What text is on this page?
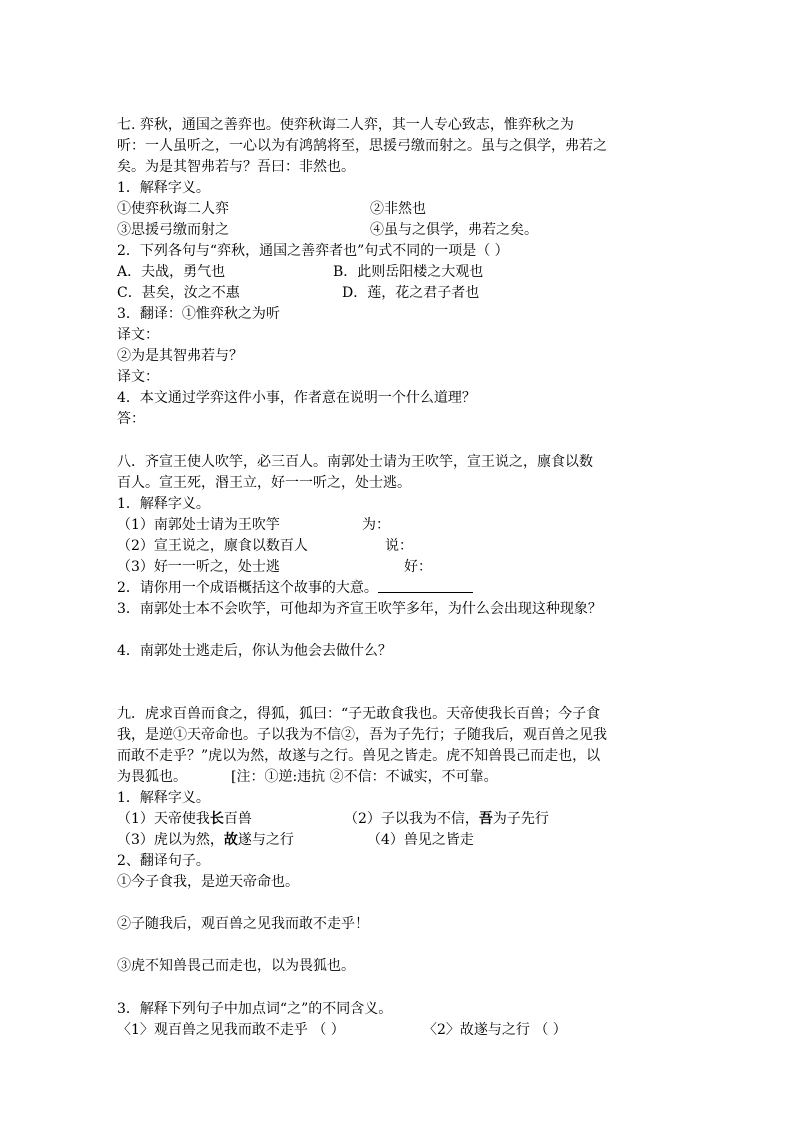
七. 弈秋，通国之善弈也。使弈秋诲二人弈，其一人专心致志，惟弈秋之为
听：一人虽听之，一心以为有鸿鹄将至，思援弓缴而射之。虽与之俱学，弗若之
矣。为是其智弗若与？吾曰：非然也。
1．解释字义。
①使弈秋诲二人弈	②非然也
③思援弓缴而射之	④虽与之俱学，弗若之矣。
2．下列各句与“弈秋，通国之善弈者也”句式不同的一项是（ ）
A．夫战，勇气也	B．此则岳阳楼之大观也
C．甚矣，汝之不惠	D．莲，花之君子者也
3．翻译：①惟弈秋之为听
译文：
②为是其智弗若与？
译文：
4．本文通过学弈这件小事，作者意在说明一个什么道理？
答：
八．齐宣王使人吹竽，必三百人。南郭处士请为王吹竽，宣王说之，廪食以数
百人。宣王死，湣王立，好一一听之，处士逃。
1．解释字义。
（1）南郭处士请为王吹竽	为：
（2）宣王说之，廪食以数百人	说：
（3）好一一听之，处士逃	好：
2．请你用一个成语概括这个故事的大意。
3．南郭处士本不会吹竽，可他却为齐宣王吹竽多年，为什么会出现这种现象？
4．南郭处士逃走后，你认为他会去做什么？
九．虎求百兽而食之，得狐，狐曰：“子无敢食我也。天帝使我长百兽；今子食
我，是逆①天帝命也。子以我为不信②，吾为子先行；子随我后，观百兽之见我
而敢不走乎？”虎以为然，故遂与之行。兽见之皆走。虎不知兽畏己而走也，以
为畏狐也。	[注：①逆:违抗 ②不信：不诚实，不可靠。
1．解释字义。
（1）天帝使我长百兽	（2）子以我为不信，吾为子先行
（3）虎以为然，故遂与之行	（4）兽见之皆走
2、翻译句子。
①今子食我，是逆天帝命也。
②子随我后，观百兽之见我而敢不走乎！
③虎不知兽畏己而走也，以为畏狐也。
3．解释下列句子中加点词“之”的不同含义。
〈1〉观百兽之见我而敢不走乎 （ ）	〈2〉故遂与之行 （ ）
